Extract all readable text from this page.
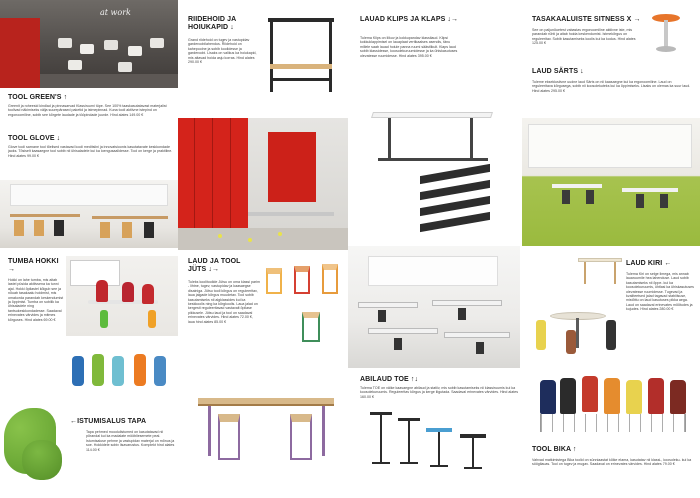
at work
TOOL GREEN'S ↑

Greenit ja roheesid kindlad ja pinnasarvad Klassiruumi tüpe. See 100% taaskasutatavast materjalist toolivad näkimiseks välja suurepärased paketid ja istmepinnad. Kuna tooli aktiivne istepind on ergonoomiline, sobib see kõrgete laudade ja tööpindade juurde. Hind alates 149.00 €

TOOL GLOVE ↓

Glove tooli sarnane tool tõelised vastavad kooli meditsiini ja innovatsioonis kasutatavate keskkondade jaoks. Tõsiselt kaasaegne tool sobib nii ühisaladele kui ka loengusaalidesse. Tool on kerge ja praktiline. Hind alates 99.00 €

TUMBA HOKKI →

Hokki on lahe tumba, mis aitab lastel püsida aktiivsena ka tunni ajal. Hokki õpilastel kõigub see ja nõuab tasakaalu hoidmist, mis omakorda parandab keskendumist ja õppimist. Tumba on sobilik ka ühisaladele ning tantsukeskkondadesse. Saadaval erinevates värvides ja mitmes kõrguses. Hind alates 69.00 €

←ISTUMISALUS TAPA

Tapa pehmed moodulistumed on kasutatavad nii põrandal kui ka madalate mööbliesemete peal. Istumisaluse pehme ja vastupidav materjal on mõnus ja soe. Hokkidele sobiv lisavarustus. Komplekt hind alates 114.00 €

RIIDEHOID JA HOIUKAPID ↓

Grand riidehoid on tugev ja vastupidav garderoobilahendus. Riidehoid on kahepoolne ja sobib koolidesse ja garderoobi. Lisaks on valikus ka hoiukapid, mis aitavad hoida asju korras. Hind alates 290.00 €

LAUD JA TOOL JÜTS ↓→

Tuleks koolitoolide Jütsu on oma klassi parim - lihtne, tugev, vastupidav ja kaasaegse disainiga. Jütsu tooli kõrgus on reguleeritav, laua jalgade kõrgus muudetav. Tool sobib kasutamiseks nii algklassides kui ka keskkoolis ning ka kõrgkoolis. Laua jalad on kergesti reguleeritavad vastavalt õpilase pikkusele. Jütsu laud ja tool on saadaval erinevates värvides. Hind alates 72.00 €, laua hind alates 85.00 €

LAUAD KLIPS JA KLAPS ↓→

Tulema Klips on liikuv ja kokkupandav klassilaud. Klipsi kokkuklappimisel on lauaplaat vertikaalses asendis, tänu millele saab lauad hoiule panna ruumi säästlikult. Klaps laud sobib klassidesse, koosolekuruumidesse ja ka ühiskasutuses olevatesse ruumidesse. Hind alates 395.00 €

ABILAUD TOE ↑↓

Tulema TOE on väike kaasaegne abilaud ja statiiv, mis sobib kasutamiseks nii klassiruumis kui ka koosolekuruumis. Reguleeritav kõrgus ja kerge liigutada. Saadaval erinevates värvides. Hind alates 160.00 €

TASAKAALUISTE SITNESS X →

See on paljunõuetest vabastav ergonoomiline aktiivne iste, mis parandab rühti ja aitab hoida keskendumist. Istmekõrgus on reguleeritav. Sobib kasutamiseks koolis kui ka kodus. Hind alates 125.00 €

LAUD SÄRTS ↓

Tuleme ekseklusiivne uudne laud Särts on nii kaasaegne kui ka ergonoomiline. Laud on reguleeritava kõrgusega, sobib nii koosolekuteks kui ka õppimiseks. Lisaks on olemas ka suur laud. Hind alates 295.00 €

LAUD KIRI ←

Tulema Kiri on selge ilmega, mis annab lauaruumile hea lahenduse. Laud sobib kasutamiseks nii õppe- kui ka koosolekuruumis, ühtlasi ka ühiskasutuses olevatesse ruumidesse. Tugevad ja kvaliteetsed jalad tagavad stabiilsuse, mistõttu on laud kasutuses pikka aega. Laud on saadaval erinevates mõõtudes ja kujudes. Hind alates 280.00 €

TOOL BIKA ↑

Vahvad matkimistega Bika toolid on sünniaastat kõike elama, kasutatav nii klassi-, koosoleku- kui ka söögilauas. Tool on tugev ja mugav. Saadaval on erinevates värvides. Hind alates 79.00 €
